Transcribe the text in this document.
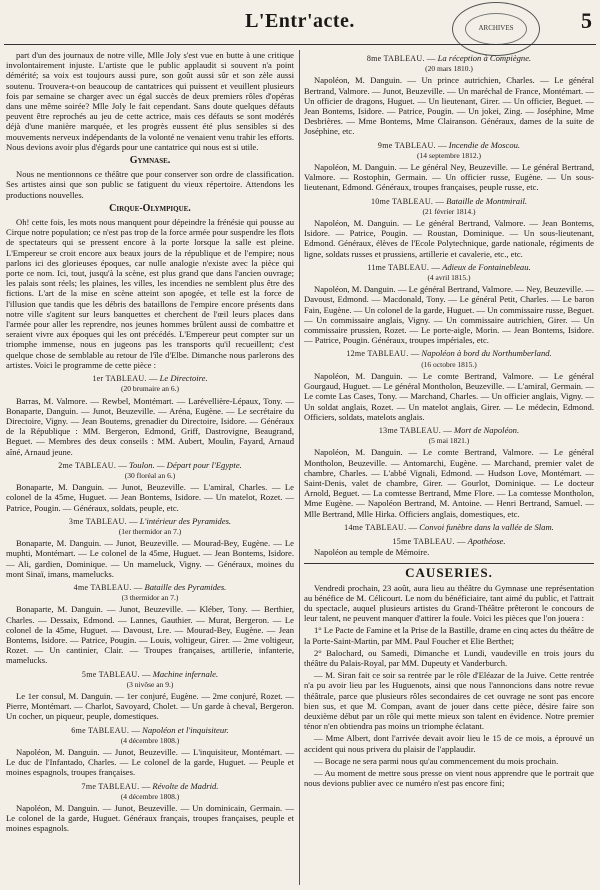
L'Entr'acte.	ARCHIVES	5

part d'un des journaux de notre ville, Mlle Joly s'est vue en butte à une critique involontairement injuste. L'artiste que le public applaudit si souvent n'a point démérité; sa voix est toujours aussi pure, son goût aussi sûr et son zèle aussi soutenu. Trouvera-t-on beaucoup de cantatrices qui puissent et veuillent plusieurs fois par semaine se charger avec un égal succès de deux premiers rôles d'opéras dans une même soirée? Mlle Joly le fait cependant. Sans doute quelques défauts peuvent être reprochés au jeu de cette actrice, mais ces défauts se sont modérés déjà d'une manière marquée, et les progrès eussent été plus sensibles si des mouvements nerveux indépendants de la volonté ne venaient venu trahir les efforts. Nous devions avoir plus d'égards pour une cantatrice qui nous est si utile.

Gymnase.

Nous ne mentionnons ce théâtre que pour conserver son ordre de classification. Ses artistes ainsi que son public se fatiguent du vieux répertoire. Attendons les productions nouvelles.

Cirque-Olympique.

Oh! cette fois, les mots nous manquent pour dépeindre la frénésie qui pousse au Cirque notre population; ce n'est pas trop de la force armée pour suspendre les flots de spectateurs qui se pressent encore à la porte lorsque la salle est pleine. L'Empereur se croit encore aux beaux jours de la république et de l'empire; nous parlons ici des glorieuses époques, car nulle analogie n'existe avec la pièce qui porte ce nom. Ici, tout, jusqu'à la scène, est plus grand que dans l'ancien ouvrage; les palais sont réels; les plaines, les villes, les incendies ne semblent plus être des fictions. L'art de la mise en scène atteint son apogée, et telle est la force de l'illusion que tandis que les débris des bataillons de l'empire encore présents dans notre ville s'agitent sur leurs banquettes et cherchent de l'œil leurs places dans l'armée pour aller les reprendre, nos jeunes hommes brûlent aussi de combattre et seraient vivre aux époques qui les ont précédés. L'Empereur peut compter sur un triomphe immense, nous en jugeons pas les transports qu'il recueillent; c'est quelque chose de semblable au retour de l'île d'Elbe. Dimanche nous parlerons des artistes. Voici le programme de cette pièce :

1er TABLEAU. — Le Directoire.

(20 brumaire an 6.)

Barras, M. Valmore. — Rewbel, Montémart. — Larévellière-Lépaux, Tony. — Bonaparte, Danguin. — Junot, Beuzeville. — Aréna, Eugène. — Le secrétaire du Directoire, Vigny. — Jean Boutems, grenadier du Directoire, Isidore. — Généraux de la République : MM. Bergeron, Edmond, Griff, Dastrovigne, Beaugrand, Beguet. — Membres des deux conseils : MM. Aubert, Moulin, Fayard, Arnaud aîné, Arnaud jeune.

2me TABLEAU. — Toulon. — Départ pour l'Egypte.

(30 floréal an 6.)

Bonaparte, M. Danguin. — Junot, Beuzeville. — L'amiral, Charles. — Le colonel de la 45me, Huguet. — Jean Bontems, Isidore. — Un matelot, Rozet. — Patrice, Pougin. — Généraux, soldats, peuple, etc.

3me TABLEAU. — L'intérieur des Pyramides.

(1er thermidor an 7.)

Bonaparte, M. Danguin. — Junot, Beuzeville. — Mourad-Bey, Eugène. — Le muphti, Montémart. — Le colonel de la 45me, Huguet. — Jean Bontems, Isidore. — Ali, gardien, Dominique. — Un mameluck, Vigny. — Généraux, moines du mont Sinaï, imans, mamelucks.

4me TABLEAU. — Bataille des Pyramides.

(3 thermidor an 7.)

Bonaparte, M. Danguin. — Junot, Beuzeville. — Kléber, Tony. — Berthier, Charles. — Dessaix, Edmond. — Lannes, Gauthier. — Murat, Bergeron. — Le colonel de la 45me, Huguet. — Davoust, Lre. — Mourad-Bey, Eugène. — Jean Bontems, Isidore. — Patrice, Pougin. — Louis, voltigeur, Girer. — 2me voltigeur, Rozet. — Un cantinier, Clair. — Troupes françaises, artillerie, infanterie, mamelucks.

5me TABLEAU. — Machine infernale.

(3 nivôse an 9.)

Le 1er consul, M. Danguin. — 1er conjuré, Eugène. — 2me conjuré, Rozet. — Pierre, Montémart. — Charlot, Savoyard, Cholet. — Un garde à cheval, Bergeron. Un cocher, un piqueur, peuple, domestiques.

6me TABLEAU. — Napoléon et l'inquisiteur.

(4 décembre 1808.)

Napoléon, M. Danguin. — Junot, Beuzeville. — L'inquisiteur, Montémart. — Le duc de l'Infantado, Charles. — Le colonel de la garde, Huguet. — Peuple et moines espagnols, troupes françaises.

7me TABLEAU. — Révolte de Madrid.

(4 décembre 1808.)

Napoléon, M. Danguin. — Junot, Beuzeville. — Un dominicain, Germain. — Le colonel de la garde, Huguet. Généraux français, troupes françaises, peuple et moines espagnols.

8me TABLEAU. — La réception à Compiègne.

(20 mars 1810.)

Napoléon, M. Danguin. — Un prince autrichien, Charles. — Le général Bertrand, Valmore. — Junot, Beuzeville. — Un maréchal de France, Montémart. — Un officier de dragons, Huguet. — Un lieutenant, Girer. — Un officier, Beguet. — Jean Bontems, Isidore. — Patrice, Pougin. — Un jokei, Zing. — Joséphine, Mme Desbrières. — Mme Bontems, Mme Clairanson. Généraux, dames de la suite de Joséphine, etc.

9me TABLEAU. — Incendie de Moscou.

(14 septembre 1812.)

Napoléon, M. Danguin. — Le général Ney, Beuzeville. — Le général Bertrand, Valmore. — Rostophin, Germain. — Un officier russe, Eugène. — Un sous-lieutenant, Edmond. Généraux, troupes françaises, peuple russe, etc.

10me TABLEAU. — Bataille de Montmirail.

(21 février 1814.)

Napoléon, M. Danguin. — Le général Bertrand, Valmore. — Jean Bontems, Isidore. — Patrice, Pougin. — Roustan, Dominique. — Un sous-lieutenant, Edmond. Généraux, élèves de l'Ecole Polytechnique, garde nationale, régiments de ligne, soldats russes et prussiens, artillerie et cavalerie, etc., etc.

11me TABLEAU. — Adieux de Fontainebleau.

(4 avril 1815.)

Napoléon, M. Danguin. — Le général Bertrand, Valmore. — Ney, Beuzeville. — Davoust, Edmond. — Macdonald, Tony. — Le général Petit, Charles. — Le baron Fain, Eugène. — Un colonel de la garde, Huguet. — Un commissaire russe, Beguet. — Un commissaire anglais, Vigny. — Un commissaire autrichien, Girer. — Un commissaire prussien, Rozet. — Le porte-aigle, Morin. — Jean Bontems, Isidore. — Patrice, Pougin. Généraux, troupes impériales, etc.

12me TABLEAU. — Napoléon à bord du Northumberland.

(16 octobre 1815.)

Napoléon, M. Danguin. — Le comte Bertrand, Valmore. — Le général Gourgaud, Huguet. — Le général Montholon, Beuzeville. — L'amiral, Germain. — Le comte Las Cases, Tony. — Marchand, Charles. — Un officier anglais, Vigny. — Un soldat anglais, Rozet. — Un matelot anglais, Girer. — Le médecin, Edmond. Officiers, soldats, matelots anglais.

13me TABLEAU. — Mort de Napoléon.

(5 mai 1821.)

Napoléon, M. Danguin. — Le comte Bertrand, Valmore. — Le général Montholon, Beuzeville. — Antomarchi, Eugène. — Marchand, premier valet de chambre, Charles. — L'abbé Vignali, Edmond. — Hudson Love, Montémart. — Saint-Denis, valet de chambre, Girer. — Gourlot, Dominique. — Le docteur Arnold, Beguet. — La comtesse Bertrand, Mme Flore. — La comtesse Montholon, Mme Eugène. — Napoléon Bertrand, M. Antoine. — Henri Bertrand, Samuel. — Mlle Bertrand, Mlle Hirka. Officiers anglais, domestiques, etc.

14me TABLEAU. — Convoi funèbre dans la vallée de Slam.

15me TABLEAU. — Apothéose.

Napoléon au temple de Mémoire.

CAUSERIES.

Vendredi prochain, 23 août, aura lieu au théâtre du Gymnase une représentation au bénéfice de M. Célicourt. Le nom du bénéficiaire, tant aimé du public, et l'attrait du spectacle, auquel plusieurs artistes du Grand-Théâtre prêteront le concours de leur talent, ne peuvent manquer d'attirer la foule. Voici les pièces que l'on jouera :

1° Le Pacte de Famine et la Prise de la Bastille, drame en cinq actes du théâtre de la Porte-Saint-Martin, par MM. Paul Foucher et Elie Berthet;

2° Balochard, ou Samedi, Dimanche et Lundi, vaudeville en trois jours du théâtre du Palais-Royal, par MM. Dupeuty et Vanderburch.

— M. Siran fait ce soir sa rentrée par le rôle d'Eléazar de la Juive. Cette rentrée n'a pu avoir lieu par les Huguenots, ainsi que nous l'annoncions dans notre revue théâtrale, parce que plusieurs rôles secondaires de cet ouvrage ne sont pas encore bien sus, et que M. Compan, avant de jouer dans cette pièce, désire faire son deuxième début par un rôle qui mette mieux son talent en évidence. Notre premier ténor n'en obtiendra pas moins un triomphe éclatant.

— Mme Albert, dont l'arrivée devait avoir lieu le 15 de ce mois, a éprouvé un accident qui nous privera du plaisir de l'applaudir.

— Bocage ne sera parmi nous qu'au commencement du mois prochain.

— Au moment de mettre sous presse on vient nous apprendre que le portrait que nous devions publier avec ce numéro n'est pas encore fini;
